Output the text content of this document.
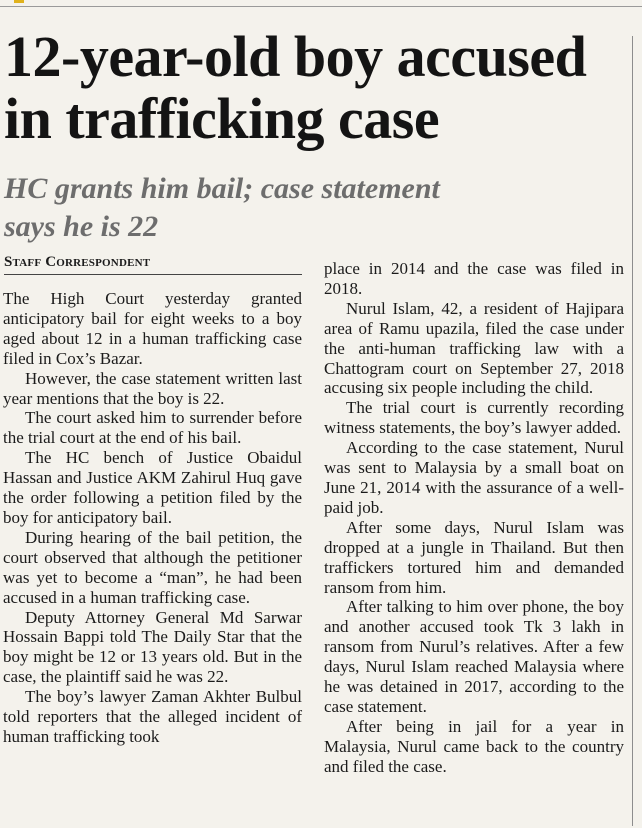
12-year-old boy accused in trafficking case
HC grants him bail; case statement says he is 22
Staff Correspondent

The High Court yesterday granted anticipatory bail for eight weeks to a boy aged about 12 in a human trafficking case filed in Cox’s Bazar.

However, the case statement written last year mentions that the boy is 22.

The court asked him to surrender before the trial court at the end of his bail.

The HC bench of Justice Obaidul Hassan and Justice AKM Zahirul Huq gave the order following a petition filed by the boy for anticipatory bail.

During hearing of the bail petition, the court observed that although the petitioner was yet to become a “man”, he had been accused in a human trafficking case.

Deputy Attorney General Md Sarwar Hossain Bappi told The Daily Star that the boy might be 12 or 13 years old. But in the case, the plaintiff said he was 22.

The boy’s lawyer Zaman Akhter Bulbul told reporters that the alleged incident of human trafficking took

place in 2014 and the case was filed in 2018.

Nurul Islam, 42, a resident of Hajipara area of Ramu upazila, filed the case under the anti-human trafficking law with a Chattogram court on September 27, 2018 accusing six people including the child.

The trial court is currently recording witness statements, the boy’s lawyer added.

According to the case statement, Nurul was sent to Malaysia by a small boat on June 21, 2014 with the assurance of a well-paid job.

After some days, Nurul Islam was dropped at a jungle in Thailand. But then traffickers tortured him and demanded ransom from him.

After talking to him over phone, the boy and another accused took Tk 3 lakh in ransom from Nurul’s relatives. After a few days, Nurul Islam reached Malaysia where he was detained in 2017, according to the case statement.

After being in jail for a year in Malaysia, Nurul came back to the country and filed the case.
